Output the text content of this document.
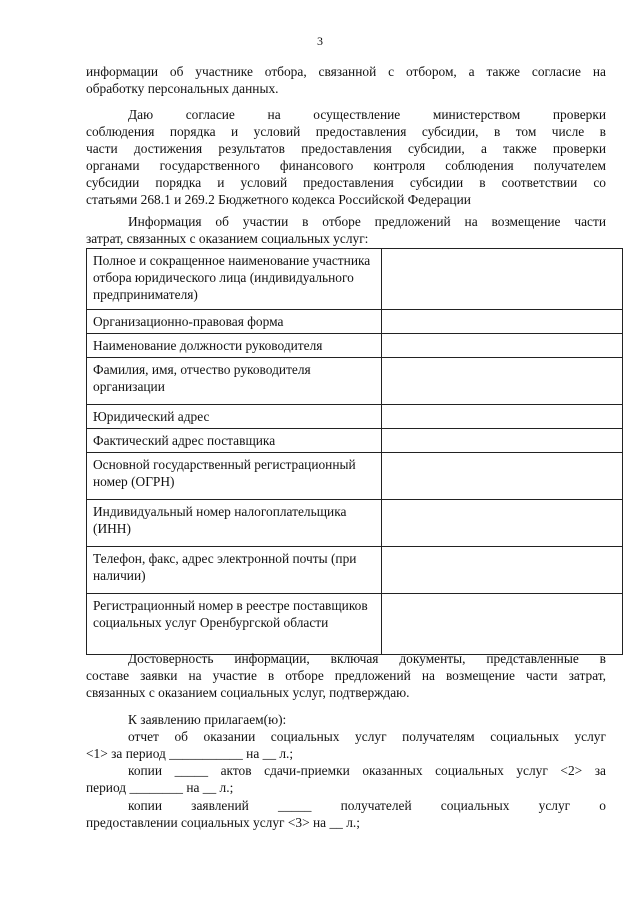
3
информации об участнике отбора, связанной с отбором, а также согласие на
обработку персональных данных.
Даю согласие на осуществление министерством проверки
соблюдения порядка и условий предоставления субсидии, в том числе в
части достижения результатов предоставления субсидии, а также проверки
органами государственного финансового контроля соблюдения получателем
субсидии порядка и условий предоставления субсидии в соответствии со
статьями 268.1 и 269.2 Бюджетного кодекса Российской Федерации
Информация об участии в отборе предложений на возмещение части
затрат, связанных с оказанием социальных услуг:
Полное и сокращенное наименование участника отбора юридического лица (индивидуального предпринимателя)	
Организационно-правовая форма	
Наименование должности руководителя	
Фамилия, имя, отчество руководителя организации	
Юридический адрес	
Фактический адрес поставщика	
Основной государственный регистрационный номер (ОГРН)	
Индивидуальный номер налогоплательщика (ИНН)	
Телефон, факс, адрес электронной почты (при наличии)	
Регистрационный номер в реестре поставщиков социальных услуг Оренбургской области	
Достоверность информации, включая документы, представленные в
составе заявки на участие в отборе предложений на возмещение части затрат,
связанных с оказанием социальных услуг, подтверждаю.
К заявлению прилагаем(ю):
отчет об оказании социальных услуг получателям социальных услуг
<1> за период ___________ на __ л.;
копии _____ актов сдачи-приемки оказанных социальных услуг <2> за
период ________ на __ л.;
копии заявлений _____ получателей социальных услуг о
предоставлении социальных услуг <3> на __ л.;
